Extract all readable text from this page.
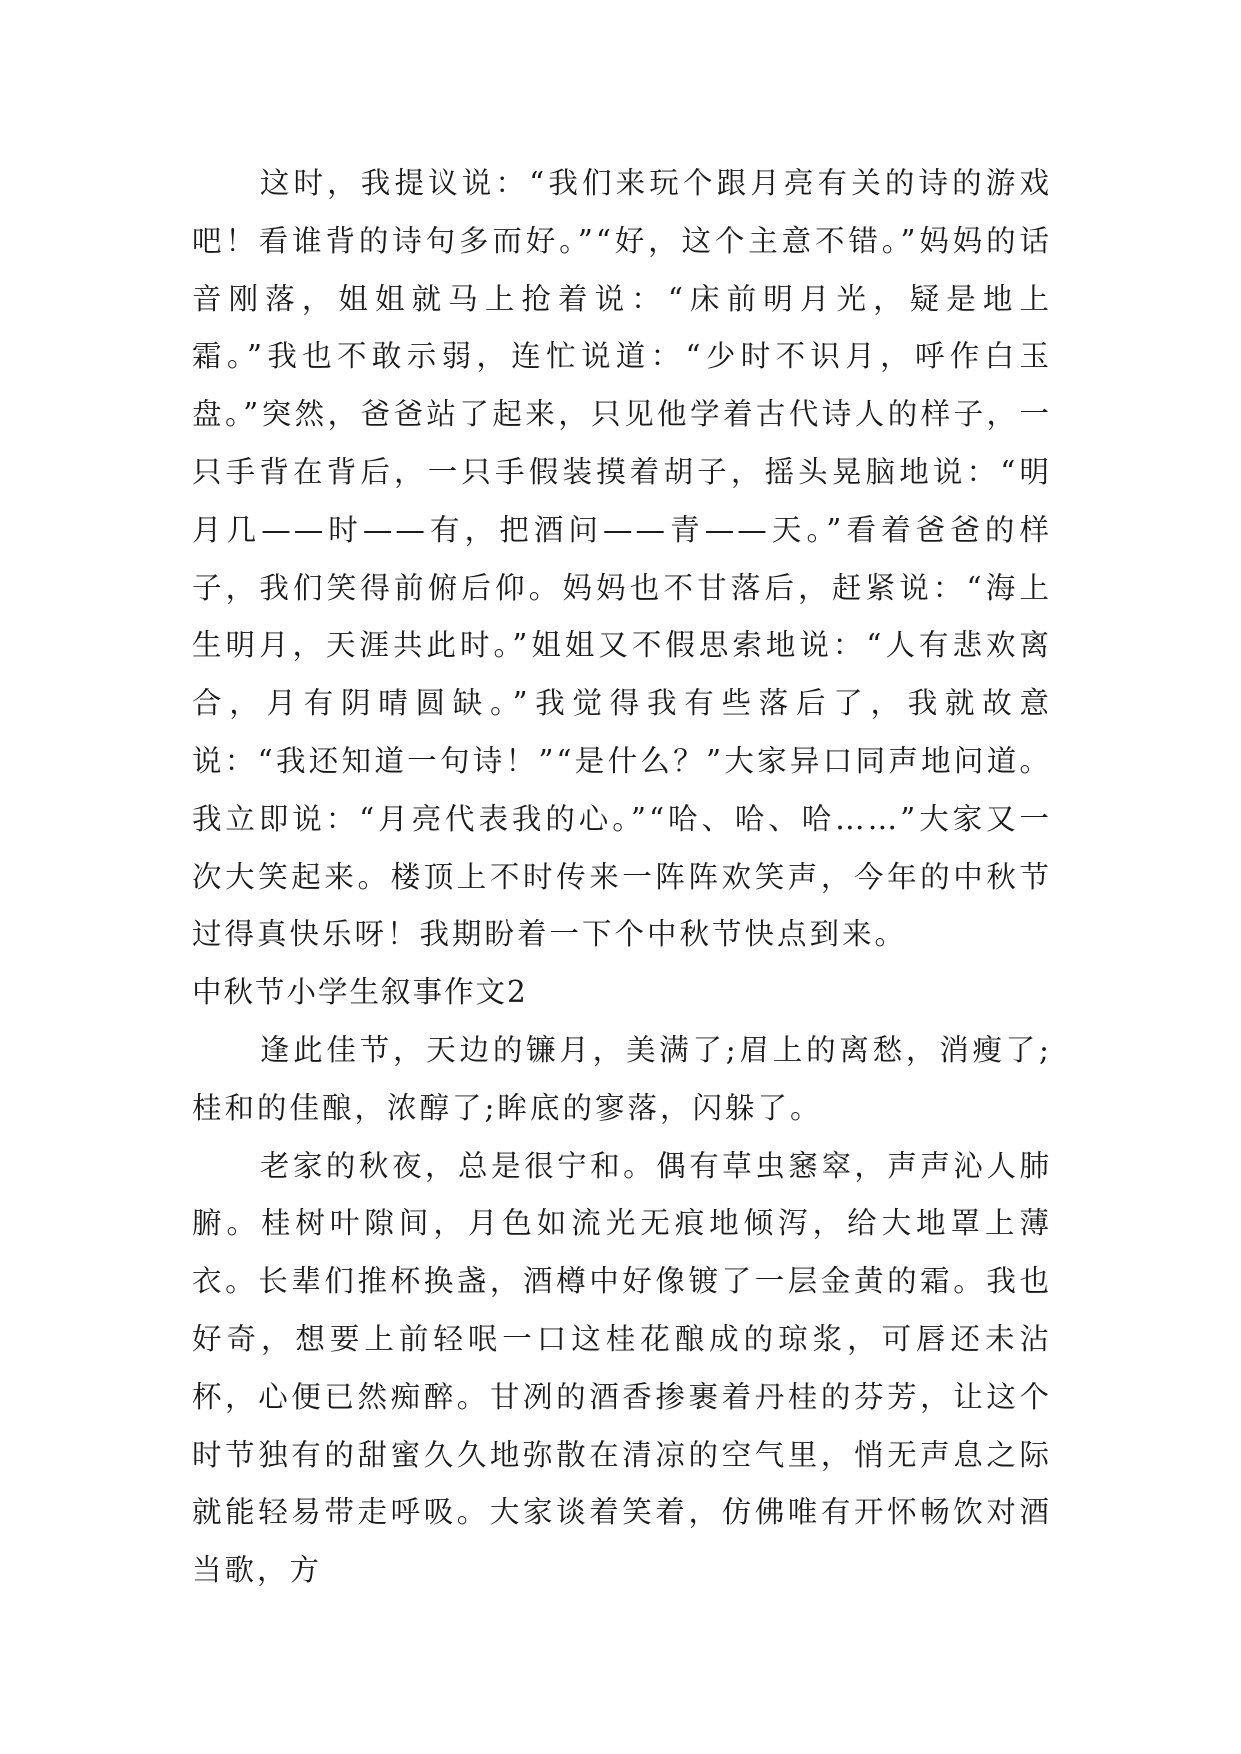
这时，我提议说：“我们来玩个跟月亮有关的诗的游戏吧！看谁背的诗句多而好。”“好，这个主意不错。”妈妈的话音刚落，姐姐就马上抢着说：“床前明月光，疑是地上霜。”我也不敢示弱，连忙说道：“少时不识月，呼作白玉盘。”突然，爸爸站了起来，只见他学着古代诗人的样子，一只手背在背后，一只手假装摸着胡子，摇头晃脑地说：“明月几——时——有，把酒问——青——天。”看着爸爸的样子，我们笑得前俯后仰。妈妈也不甘落后，赶紧说：“海上生明月，天涯共此时。”姐姐又不假思索地说：“人有悲欢离合，月有阴晴圆缺。”我觉得我有些落后了，我就故意说：“我还知道一句诗！”“是什么？”大家异口同声地问道。我立即说：“月亮代表我的心。”“哈、哈、哈……”大家又一次大笑起来。楼顶上不时传来一阵阵欢笑声，今年的中秋节过得真快乐呀！我期盼着一下个中秋节快点到来。

中秋节小学生叙事作文2

逢此佳节，天边的镰月，美满了;眉上的离愁，消瘦了;桂和的佳酿，浓醇了;眸底的寥落，闪躲了。

老家的秋夜，总是很宁和。偶有草虫窸窣，声声沁人肺腑。桂树叶隙间，月色如流光无痕地倾泻，给大地罩上薄衣。长辈们推杯换盏，酒樽中好像镀了一层金黄的霜。我也好奇，想要上前轻呡一口这桂花酿成的琼浆，可唇还未沾杯，心便已然痴醉。甘冽的酒香掺裹着丹桂的芬芳，让这个时节独有的甜蜜久久地弥散在清凉的空气里，悄无声息之际就能轻易带走呼吸。大家谈着笑着，仿佛唯有开怀畅饮对酒当歌，方
